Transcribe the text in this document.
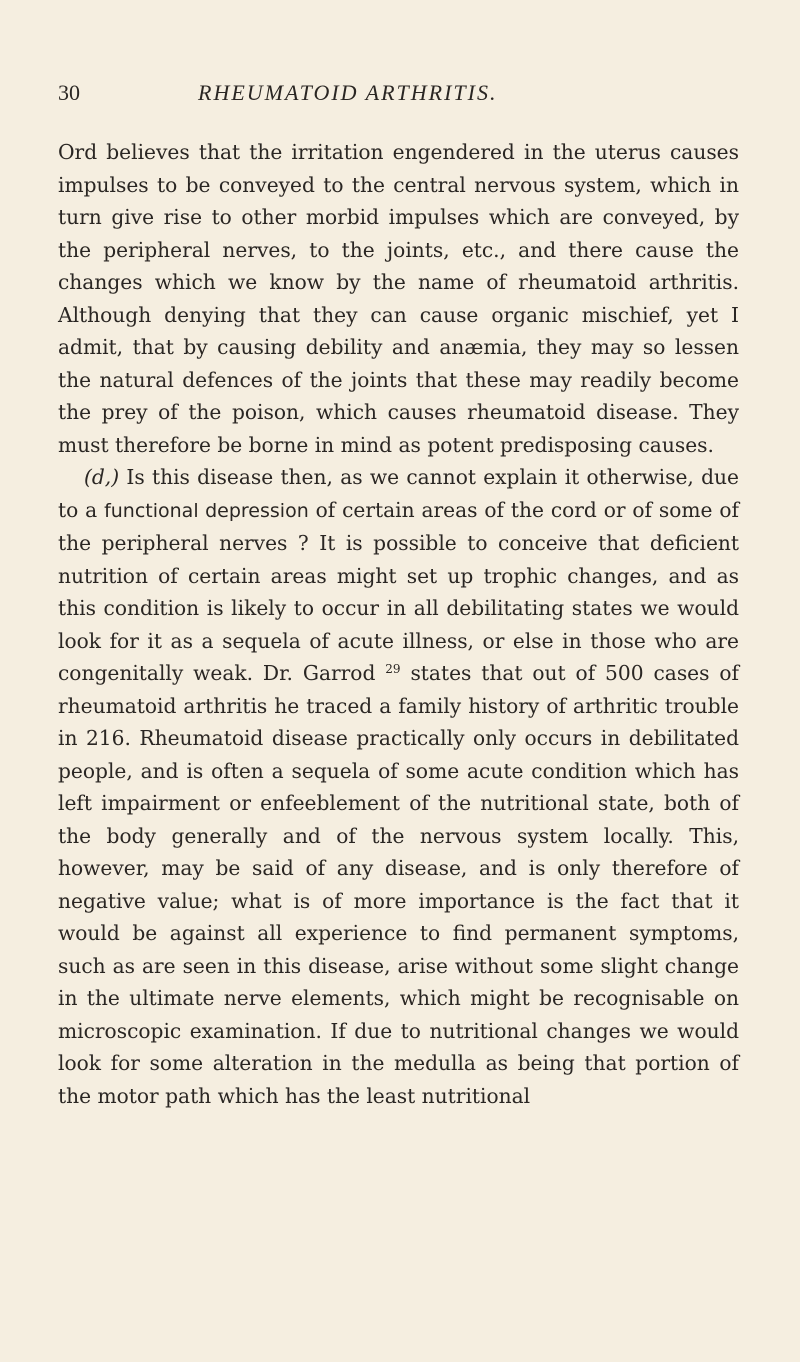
30	RHEUMATOID ARTHRITIS.

Ord believes that the irritation engendered in the uterus causes impulses to be conveyed to the central nervous system, which in turn give rise to other morbid impulses which are conveyed, by the peripheral nerves, to the joints, etc., and there cause the changes which we know by the name of rheumatoid arthritis. Although denying that they can cause organic mischief, yet I admit, that by causing debility and anæmia, they may so lessen the natural defences of the joints that these may readily become the prey of the poison, which causes rheumatoid disease. They must therefore be borne in mind as potent predisposing causes.

(d,) Is this disease then, as we cannot explain it otherwise, due to a functional depression of certain areas of the cord or of some of the peripheral nerves ? It is possible to conceive that deficient nutrition of certain areas might set up trophic changes, and as this condition is likely to occur in all debilitating states we would look for it as a sequela of acute illness, or else in those who are congenitally weak. Dr. Garrod $^{29}$ states that out of 500 cases of rheumatoid arthritis he traced a family history of arthritic trouble in 216. Rheumatoid disease practically only occurs in debilitated people, and is often a sequela of some acute condition which has left impairment or enfeeblement of the nutritional state, both of the body generally and of the nervous system locally. This, however, may be said of any disease, and is only therefore of negative value; what is of more importance is the fact that it would be against all experience to find permanent symptoms, such as are seen in this disease, arise without some slight change in the ultimate nerve elements, which might be recognisable on microscopic examination. If due to nutritional changes we would look for some alteration in the medulla as being that portion of the motor path which has the least nutritional
